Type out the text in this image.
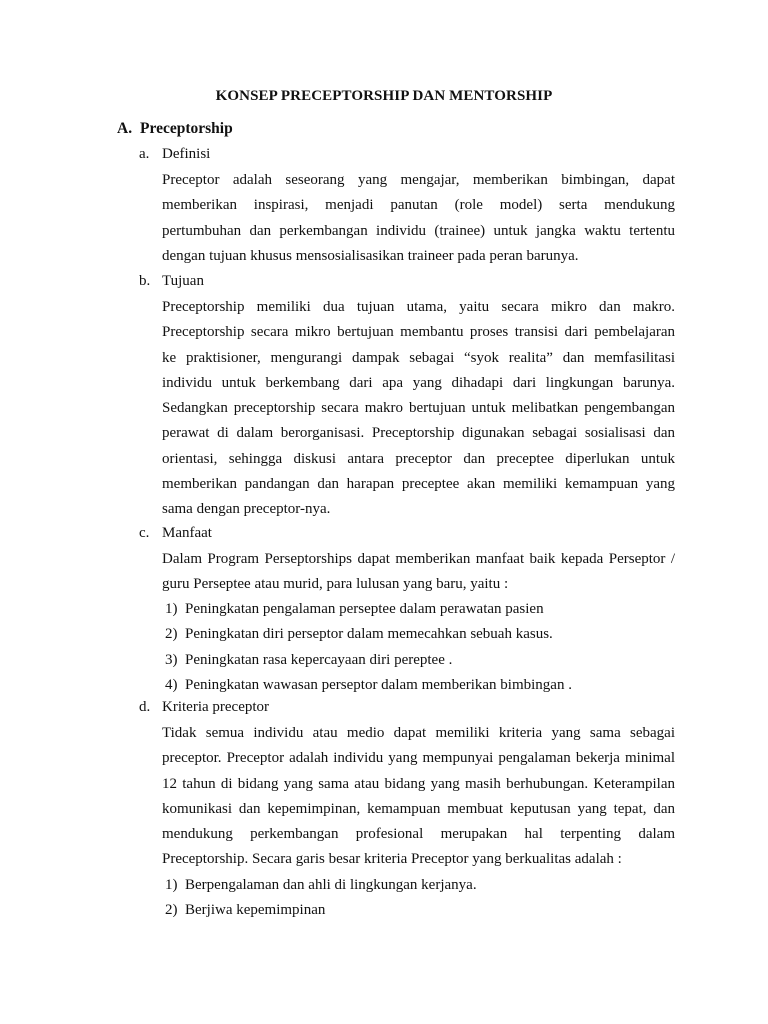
KONSEP PRECEPTORSHIP DAN MENTORSHIP
A. Preceptorship
a. Definisi
Preceptor adalah seseorang yang mengajar, memberikan bimbingan, dapat
memberikan inspirasi, menjadi panutan (role model) serta mendukung
pertumbuhan dan perkembangan individu (trainee) untuk jangka waktu tertentu
dengan tujuan khusus mensosialisasikan traineer pada peran barunya.
b. Tujuan
Preceptorship memiliki dua tujuan utama, yaitu secara mikro dan makro.
Preceptorship secara mikro bertujuan membantu proses transisi dari pembelajaran
ke praktisioner, mengurangi dampak sebagai “syok realita” dan memfasilitasi
individu untuk berkembang dari apa yang dihadapi dari lingkungan barunya.
Sedangkan preceptorship secara makro bertujuan untuk melibatkan pengembangan
perawat di dalam berorganisasi. Preceptorship digunakan sebagai sosialisasi dan
orientasi, sehingga diskusi antara preceptor dan preceptee diperlukan untuk
memberikan pandangan dan harapan preceptee akan memiliki kemampuan yang
sama dengan preceptor-nya.
c. Manfaat
Dalam Program Perseptorships dapat memberikan manfaat baik kepada Perseptor /
guru Perseptee atau murid, para lulusan yang baru, yaitu :
1) Peningkatan pengalaman perseptee dalam perawatan pasien
2) Peningkatan diri perseptor dalam memecahkan sebuah kasus.
3) Peningkatan rasa kepercayaan diri pereptee .
4) Peningkatan wawasan perseptor dalam memberikan bimbingan .
d. Kriteria preceptor
Tidak semua individu atau medio dapat memiliki kriteria yang sama sebagai
preceptor. Preceptor adalah individu yang mempunyai pengalaman bekerja minimal
12 tahun di bidang yang sama atau bidang yang masih berhubungan. Keterampilan
komunikasi dan kepemimpinan, kemampuan membuat keputusan yang tepat, dan
mendukung perkembangan profesional merupakan hal terpenting dalam
Preceptorship. Secara garis besar kriteria Preceptor yang berkualitas adalah :
1) Berpengalaman dan ahli di lingkungan kerjanya.
2) Berjiwa kepemimpinan
